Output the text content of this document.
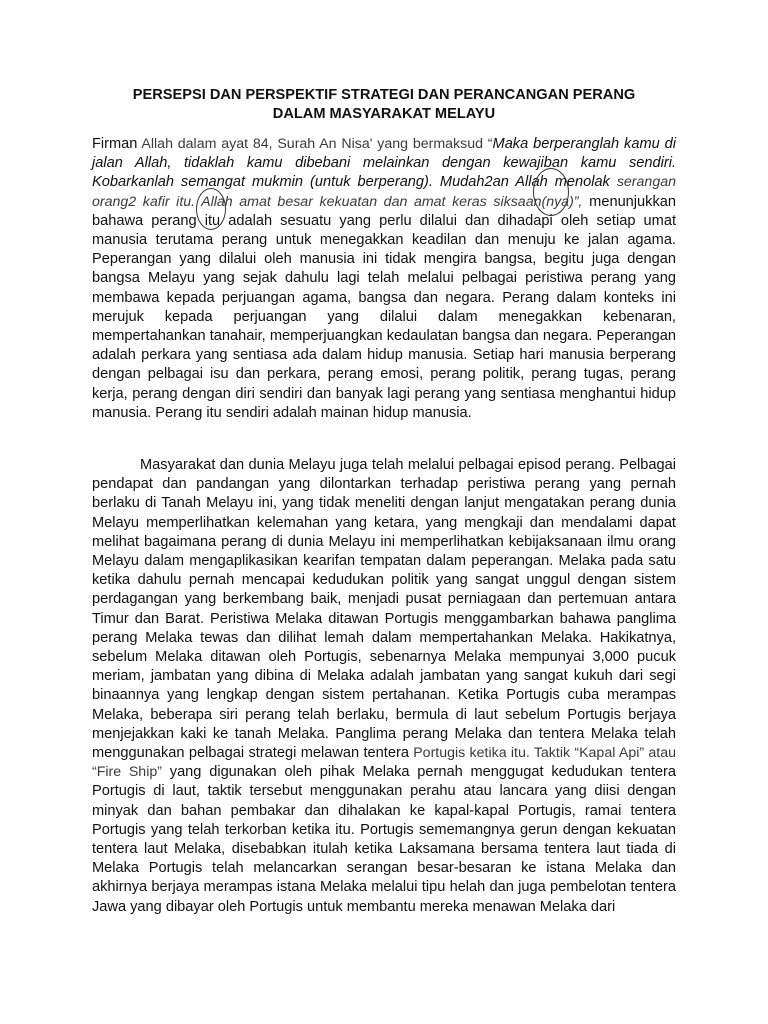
PERSEPSI DAN PERSPEKTIF STRATEGI DAN PERANCANGAN PERANG
DALAM MASYARAKAT MELAYU
Firman Allah dalam ayat 84, Surah An Nisa' yang bermaksud “Maka berperanglah kamu di jalan Allah, tidaklah kamu dibebani melainkan dengan kewajiban kamu sendiri. Kobarkanlah semangat mukmin (untuk berperang). Mudah2an Allah menolak serangan orang2 kafir itu. Allah amat besar kekuatan dan amat keras siksaan(nya)”, menunjukkan bahawa perang itu adalah sesuatu yang perlu dilalui dan dihadapi oleh setiap umat manusia terutama perang untuk menegakkan keadilan dan menuju ke jalan agama. Peperangan yang dilalui oleh manusia ini tidak mengira bangsa, begitu juga dengan bangsa Melayu yang sejak dahulu lagi telah melalui pelbagai peristiwa perang yang membawa kepada perjuangan agama, bangsa dan negara. Perang dalam konteks ini merujuk kepada perjuangan yang dilalui dalam menegakkan kebenaran, mempertahankan tanahair, memperjuangkan kedaulatan bangsa dan negara. Peperangan adalah perkara yang sentiasa ada dalam hidup manusia. Setiap hari manusia berperang dengan pelbagai isu dan perkara, perang emosi, perang politik, perang tugas, perang kerja, perang dengan diri sendiri dan banyak lagi perang yang sentiasa menghantui hidup manusia. Perang itu sendiri adalah mainan hidup manusia.
Masyarakat dan dunia Melayu juga telah melalui pelbagai episod perang. Pelbagai pendapat dan pandangan yang dilontarkan terhadap peristiwa perang yang pernah berlaku di Tanah Melayu ini, yang tidak meneliti dengan lanjut mengatakan perang dunia Melayu memperlihatkan kelemahan yang ketara, yang mengkaji dan mendalami dapat melihat bagaimana perang di dunia Melayu ini memperlihatkan kebijaksanaan ilmu orang Melayu dalam mengaplikasikan kearifan tempatan dalam peperangan. Melaka pada satu ketika dahulu pernah mencapai kedudukan politik yang sangat unggul dengan sistem perdagangan yang berkembang baik, menjadi pusat perniagaan dan pertemuan antara Timur dan Barat. Peristiwa Melaka ditawan Portugis menggambarkan bahawa panglima perang Melaka tewas dan dilihat lemah dalam mempertahankan Melaka. Hakikatnya, sebelum Melaka ditawan oleh Portugis, sebenarnya Melaka mempunyai 3,000 pucuk meriam, jambatan yang dibina di Melaka adalah jambatan yang sangat kukuh dari segi binaannya yang lengkap dengan sistem pertahanan. Ketika Portugis cuba merampas Melaka, beberapa siri perang telah berlaku, bermula di laut sebelum Portugis berjaya menjejakkan kaki ke tanah Melaka. Panglima perang Melaka dan tentera Melaka telah menggunakan pelbagai strategi melawan tentera Portugis ketika itu. Taktik “Kapal Api” atau “Fire Ship” yang digunakan oleh pihak Melaka pernah menggugat kedudukan tentera Portugis di laut, taktik tersebut menggunakan perahu atau lancara yang diisi dengan minyak dan bahan pembakar dan dihalakan ke kapal-kapal Portugis, ramai tentera Portugis yang telah terkorban ketika itu. Portugis sememangnya gerun dengan kekuatan tentera laut Melaka, disebabkan itulah ketika Laksamana bersama tentera laut tiada di Melaka Portugis telah melancarkan serangan besar-besaran ke istana Melaka dan akhirnya berjaya merampas istana Melaka melalui tipu helah dan juga pembelotan tentera Jawa yang dibayar oleh Portugis untuk membantu mereka menawan Melaka dari
